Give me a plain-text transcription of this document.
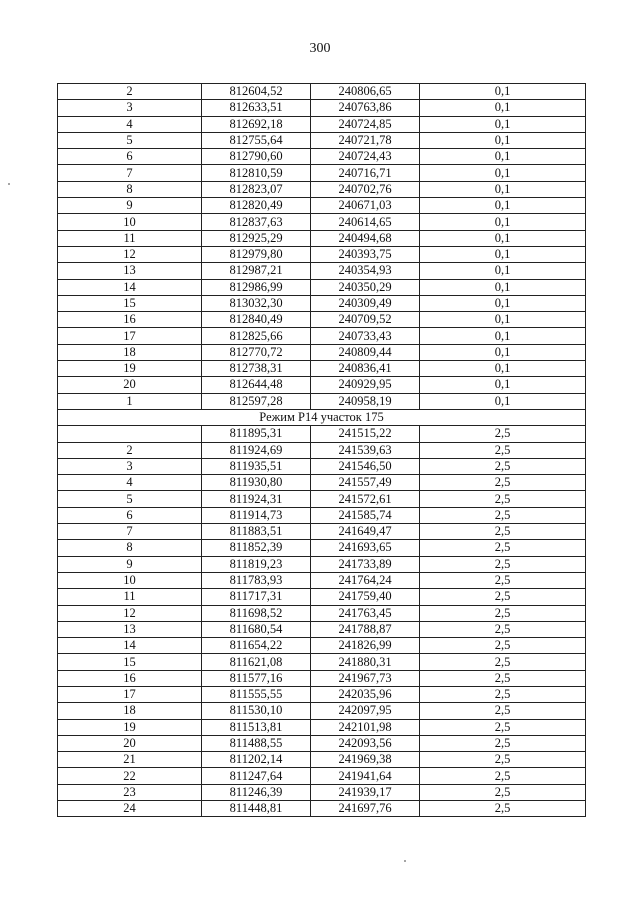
300
2	812604,52	240806,65	0,1
3	812633,51	240763,86	0,1
4	812692,18	240724,85	0,1
5	812755,64	240721,78	0,1
6	812790,60	240724,43	0,1
7	812810,59	240716,71	0,1
8	812823,07	240702,76	0,1
9	812820,49	240671,03	0,1
10	812837,63	240614,65	0,1
11	812925,29	240494,68	0,1
12	812979,80	240393,75	0,1
13	812987,21	240354,93	0,1
14	812986,99	240350,29	0,1
15	813032,30	240309,49	0,1
16	812840,49	240709,52	0,1
17	812825,66	240733,43	0,1
18	812770,72	240809,44	0,1
19	812738,31	240836,41	0,1
20	812644,48	240929,95	0,1
1	812597,28	240958,19	0,1
Режим Р14 участок 175			
	811895,31	241515,22	2,5
2	811924,69	241539,63	2,5
3	811935,51	241546,50	2,5
4	811930,80	241557,49	2,5
5	811924,31	241572,61	2,5
6	811914,73	241585,74	2,5
7	811883,51	241649,47	2,5
8	811852,39	241693,65	2,5
9	811819,23	241733,89	2,5
10	811783,93	241764,24	2,5
11	811717,31	241759,40	2,5
12	811698,52	241763,45	2,5
13	811680,54	241788,87	2,5
14	811654,22	241826,99	2,5
15	811621,08	241880,31	2,5
16	811577,16	241967,73	2,5
17	811555,55	242035,96	2,5
18	811530,10	242097,95	2,5
19	811513,81	242101,98	2,5
20	811488,55	242093,56	2,5
21	811202,14	241969,38	2,5
22	811247,64	241941,64	2,5
23	811246,39	241939,17	2,5
24	811448,81	241697,76	2,5
